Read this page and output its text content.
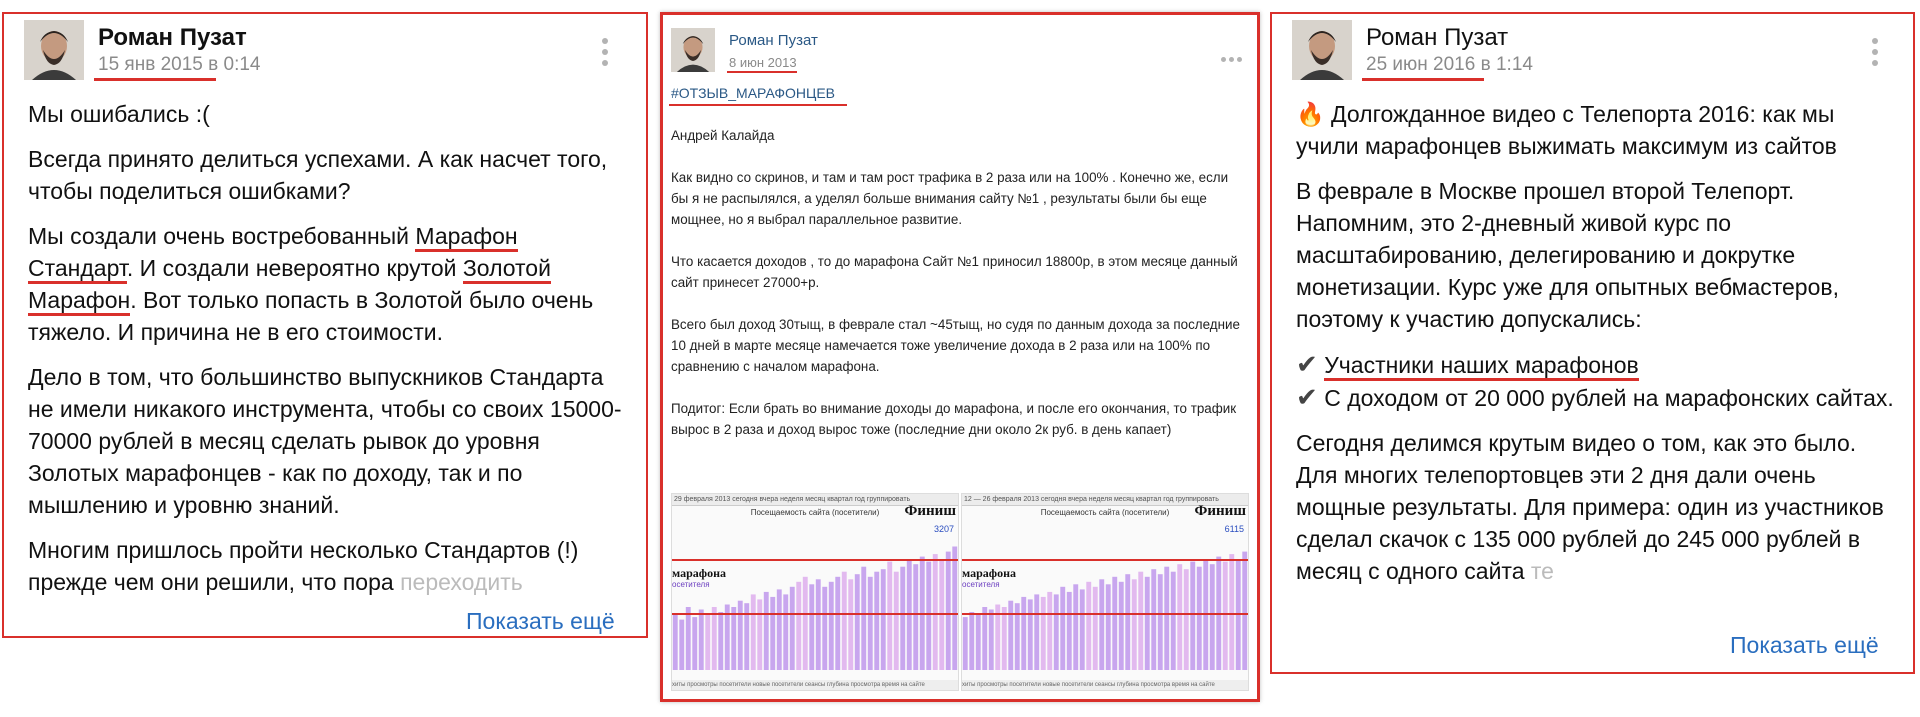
Роман Пузат
15 янв 2015 в 0:14

Мы ошибались :(

Всегда принято делиться успехами. А как насчет того, чтобы поделиться ошибками?

Мы создали очень востребованный Марафон Стандарт. И создали невероятно крутой Золотой Марафон. Вот только попасть в Золотой было очень тяжело. И причина не в его стоимости.

Дело в том, что большинство выпускников Стандарта не имели никакого инструмента, чтобы со своих 15000-70000 рублей в месяц сделать рывок до уровня Золотых марафонцев - как по доходу, так и по мышлению и уровню знаний.

Многим пришлось пройти несколько Стандартов (!) прежде чем они решили, что пора переходить

Показать ещё
Роман Пузат
8 июн 2013
#ОТЗЫВ_МАРАФОНЦЕВ

Андрей Калайда

Как видно со скринов, и там и там рост трафика в 2 раза или на 100% . Конечно же, если бы я не распылялся, а уделял больше внимания сайту №1 , результаты были бы еще мощнее, но я выбрал параллельное развитие.

Что касается доходов , то до марафона Сайт №1 приносил 18800р, в этом месяце данный сайт принесет 27000+р.

Всего был доход 30тыщ, в феврале стал ~45тыщ, но судя по данным дохода за последние 10 дней в марте месяце намечается тоже увеличение дохода в 2 раза или на 100% по сравнению с началом марафона.

Подитог: Если брать во внимание доходы до марафона, и после его окончания, то трафик вырос в 2 раза и доход вырос тоже (последние дни около 2к руб. в день капает)

29 февраля 2013 сегодня вчера неделя месяц квартал год группировать
Посещаемость сайта (посетители)	Финиш
3207
марафона
осетителя
хиты просмотры посетители новые посетители сеансы глубина просмотра время на сайте
12 — 26 февраля 2013 сегодня вчера неделя месяц квартал год группировать
Посещаемость сайта (посетители)	Финиш
6115
марафона
осетителя
хиты просмотры посетители новые посетители сеансы глубина просмотра время на сайте
Роман Пузат
25 июн 2016 в 1:14

🔥 Долгожданное видео с Телепорта 2016: как мы учили марафонцев выжимать максимум из сайтов

В феврале в Москве прошел второй Телепорт. Напомним, это 2-дневный живой курс по масштабированию, делегированию и докрутке монетизации. Курс уже для опытных вебмастеров, поэтому к участию допускались:

✔ Участники наших марафонов
✔ С доходом от 20 000 рублей на марафонских сайтах.

Сегодня делимся крутым видео о том, как это было. Для многих телепортовцев эти 2 дня дали очень мощные результаты. Для примера: один из участников сделал скачок с 135 000 рублей до 245 000 рублей в месяц с одного сайта те

Показать ещё
